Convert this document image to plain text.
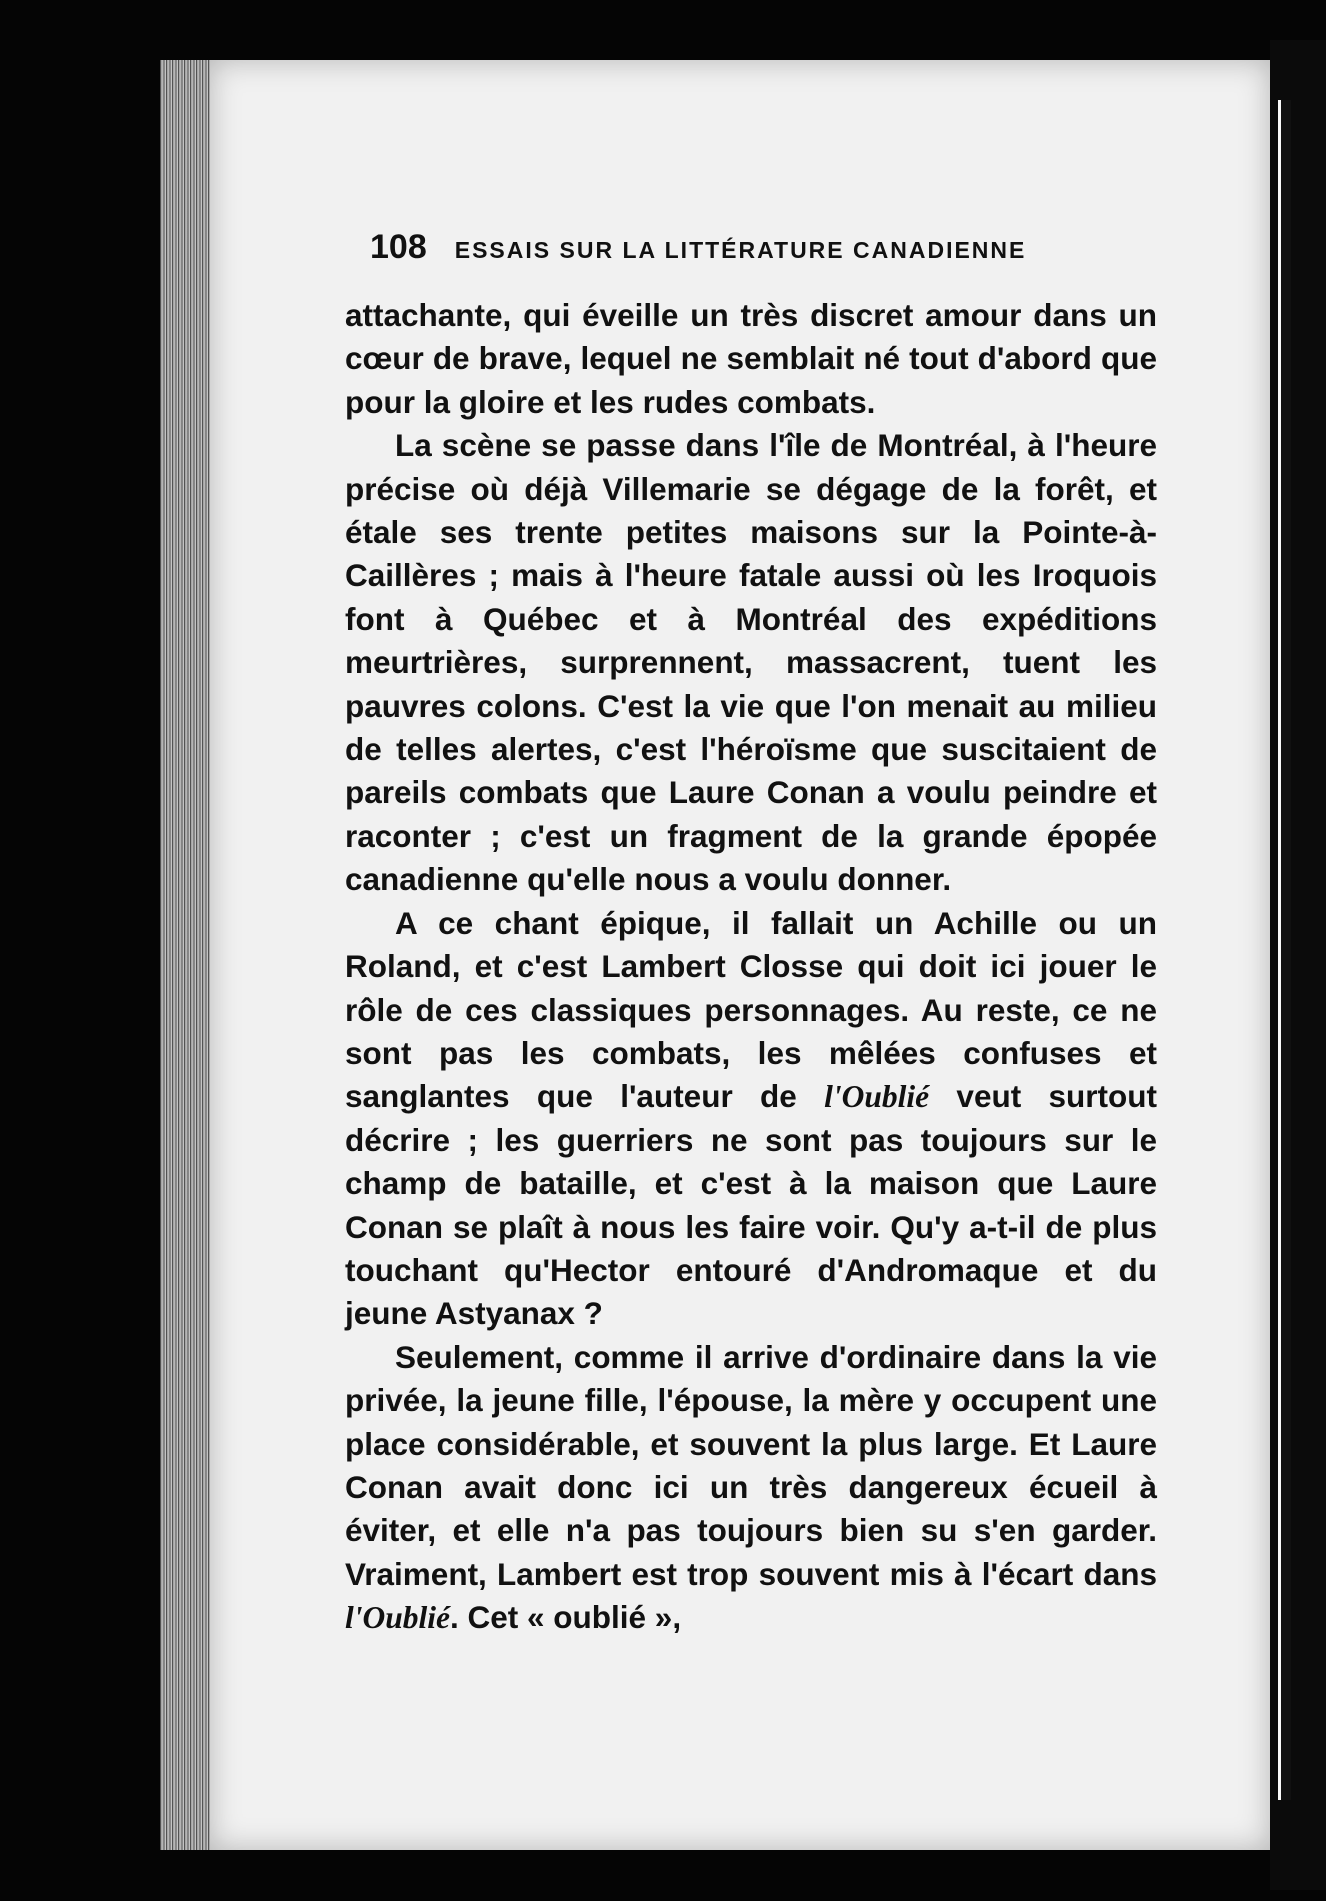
108 ESSAIS SUR LA LITTÉRATURE CANADIENNE

attachante, qui éveille un très discret amour dans un cœur de brave, lequel ne semblait né tout d'abord que pour la gloire et les rudes combats.

La scène se passe dans l'île de Montréal, à l'heure précise où déjà Villemarie se dégage de la forêt, et étale ses trente petites maisons sur la Pointe-à-Caillères ; mais à l'heure fatale aussi où les Iroquois font à Québec et à Montréal des expéditions meurtrières, surprennent, massacrent, tuent les pauvres colons. C'est la vie que l'on menait au milieu de telles alertes, c'est l'héroïsme que suscitaient de pareils combats que Laure Conan a voulu peindre et raconter ; c'est un fragment de la grande épopée canadienne qu'elle nous a voulu donner.

A ce chant épique, il fallait un Achille ou un Roland, et c'est Lambert Closse qui doit ici jouer le rôle de ces classiques personnages. Au reste, ce ne sont pas les combats, les mêlées confuses et sanglantes que l'auteur de l'Oublié veut surtout décrire ; les guerriers ne sont pas toujours sur le champ de bataille, et c'est à la maison que Laure Conan se plaît à nous les faire voir. Qu'y a-t-il de plus touchant qu'Hector entouré d'Andromaque et du jeune Astyanax ?

Seulement, comme il arrive d'ordinaire dans la vie privée, la jeune fille, l'épouse, la mère y occupent une place considérable, et souvent la plus large. Et Laure Conan avait donc ici un très dangereux écueil à éviter, et elle n'a pas toujours bien su s'en garder. Vraiment, Lambert est trop souvent mis à l'écart dans l'Oublié. Cet « oublié »,
